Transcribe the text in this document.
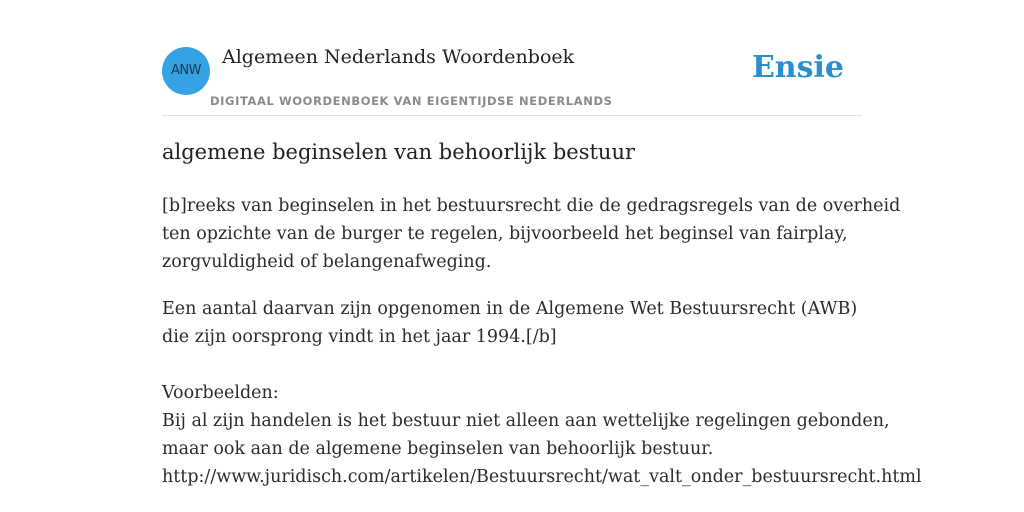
ANW
Algemeen Nederlands Woordenboek
DIGITAAL WOORDENBOEK VAN EIGENTIJDSE NEDERLANDS
Ensie
algemene beginselen van behoorlijk bestuur

[b]reeks van beginselen in het bestuursrecht die de gedragsregels van de overheid
ten opzichte van de burger te regelen, bijvoorbeeld het beginsel van fairplay,
zorgvuldigheid of belangenafweging.

Een aantal daarvan zijn opgenomen in de Algemene Wet Bestuursrecht (AWB)
die zijn oorsprong vindt in het jaar 1994.[/b]

Voorbeelden:
Bij al zijn handelen is het bestuur niet alleen aan wettelijke regelingen gebonden,
maar ook aan de algemene beginselen van behoorlijk bestuur.
http://www.juridisch.com/artikelen/Bestuursrecht/wat_valt_onder_bestuursrecht.html
